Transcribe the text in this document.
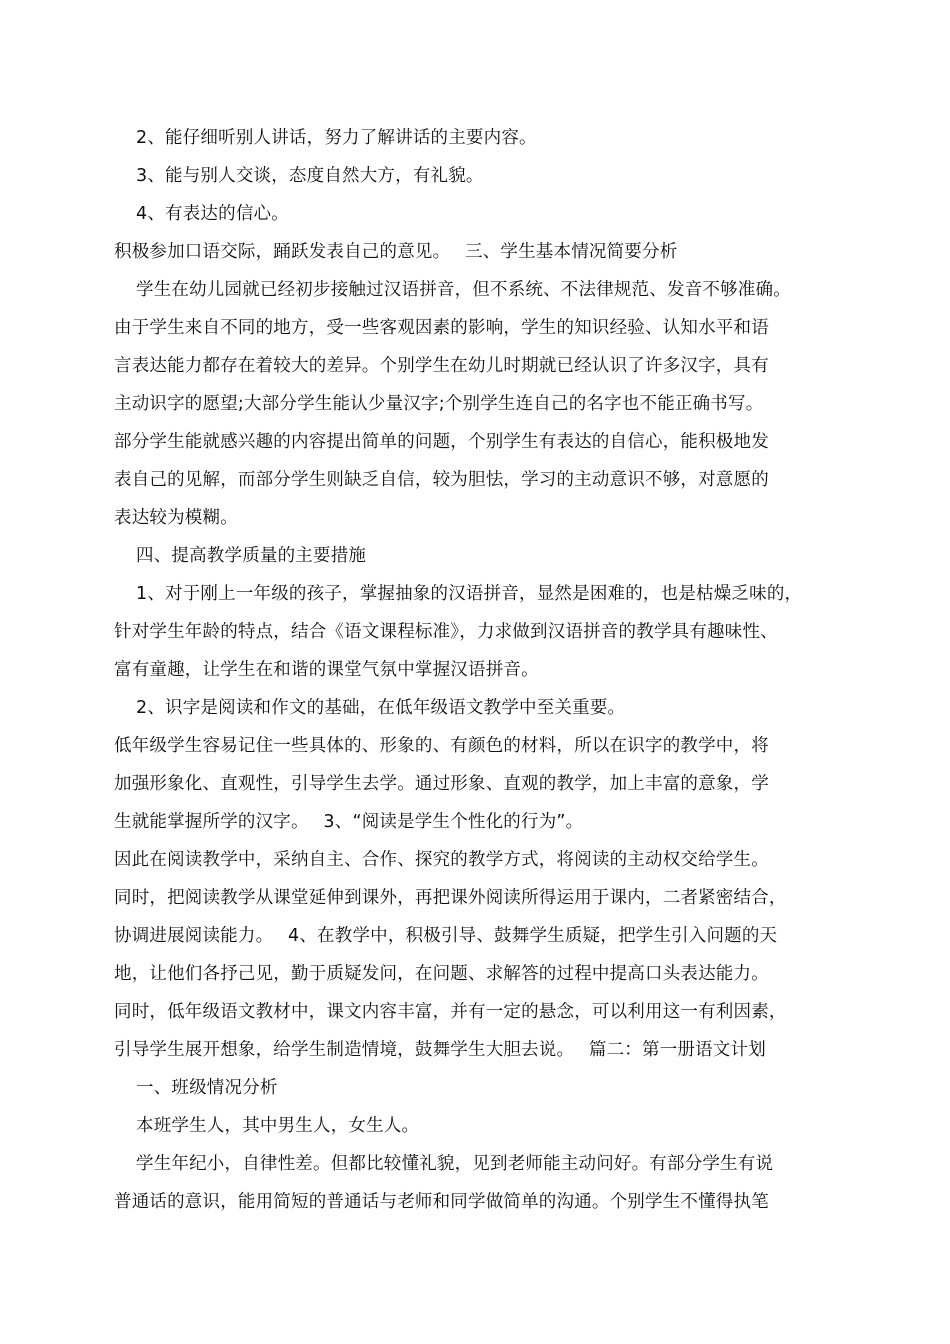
2、能仔细听别人讲话，努力了解讲话的主要内容。
3、能与别人交谈，态度自然大方，有礼貌。
4、有表达的信心。
积极参加口语交际，踊跃发表自己的意见。　 三、学生基本情况简要分析
学生在幼儿园就已经初步接触过汉语拼音，但不系统、不法律规范、发音不够准确。
由于学生来自不同的地方，受一些客观因素的影响，学生的知识经验、认知水平和语
言表达能力都存在着较大的差异。个别学生在幼儿时期就已经认识了许多汉字，具有
主动识字的愿望;大部分学生能认少量汉字;个别学生连自己的名字也不能正确书写。
部分学生能就感兴趣的内容提出简单的问题，个别学生有表达的自信心，能积极地发
表自己的见解，而部分学生则缺乏自信，较为胆怯，学习的主动意识不够，对意愿的
表达较为模糊。
四、提高教学质量的主要措施
1、对于刚上一年级的孩子，掌握抽象的汉语拼音，显然是困难的，也是枯燥乏味的，
针对学生年龄的特点，结合《语文课程标准》，力求做到汉语拼音的教学具有趣味性、
富有童趣，让学生在和谐的课堂气氛中掌握汉语拼音。
2、识字是阅读和作文的基础，在低年级语文教学中至关重要。
低年级学生容易记住一些具体的、形象的、有颜色的材料，所以在识字的教学中，将
加强形象化、直观性，引导学生去学。通过形象、直观的教学，加上丰富的意象，学
生就能掌握所学的汉字。　 3、“阅读是学生个性化的行为”。
因此在阅读教学中，采纳自主、合作、探究的教学方式，将阅读的主动权交给学生。
同时，把阅读教学从课堂延伸到课外，再把课外阅读所得运用于课内，二者紧密结合，
协调进展阅读能力。　 4、在教学中，积极引导、鼓舞学生质疑，把学生引入问题的天
地，让他们各抒己见，勤于质疑发问，在问题、求解答的过程中提高口头表达能力。
同时，低年级语文教材中，课文内容丰富，并有一定的悬念，可以利用这一有利因素，
引导学生展开想象，给学生制造情境，鼓舞学生大胆去说。　 篇二：第一册语文计划
一、班级情况分析
本班学生人，其中男生人，女生人。
学生年纪小，自律性差。但都比较懂礼貌，见到老师能主动问好。有部分学生有说
普通话的意识，能用简短的普通话与老师和同学做简单的沟通。个别学生不懂得执笔
